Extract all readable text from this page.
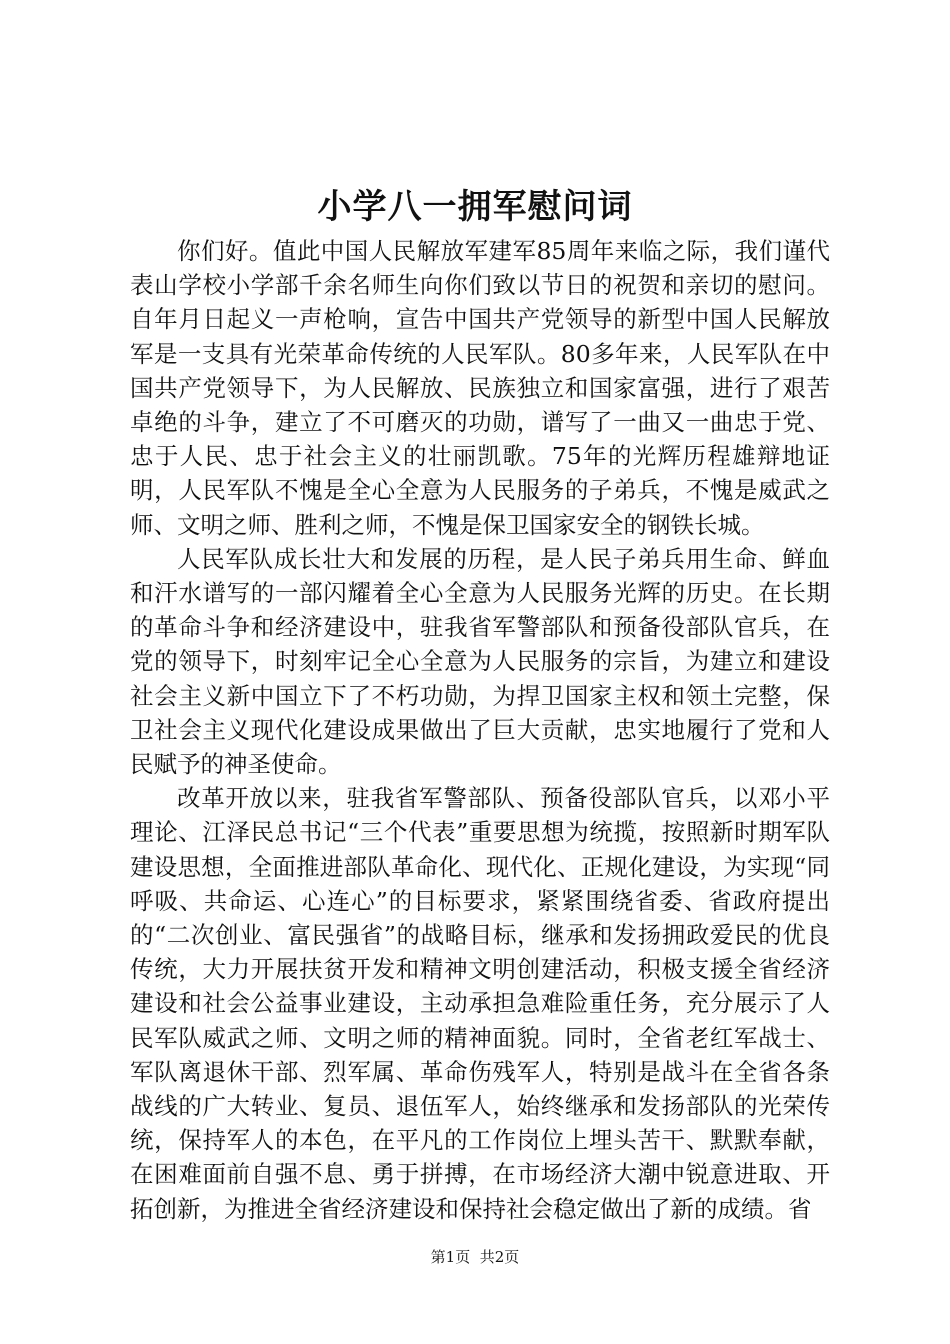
小学八一拥军慰问词

你们好。值此中国人民解放军建军85周年来临之际，我们谨代表山学校小学部千余名师生向你们致以节日的祝贺和亲切的慰问。自年月日起义一声枪响，宣告中国共产党领导的新型中国人民解放军是一支具有光荣革命传统的人民军队。80多年来，人民军队在中国共产党领导下，为人民解放、民族独立和国家富强，进行了艰苦卓绝的斗争，建立了不可磨灭的功勋，谱写了一曲又一曲忠于党、忠于人民、忠于社会主义的壮丽凯歌。75年的光辉历程雄辩地证明，人民军队不愧是全心全意为人民服务的子弟兵，不愧是威武之师、文明之师、胜利之师，不愧是保卫国家安全的钢铁长城。

人民军队成长壮大和发展的历程，是人民子弟兵用生命、鲜血和汗水谱写的一部闪耀着全心全意为人民服务光辉的历史。在长期的革命斗争和经济建设中，驻我省军警部队和预备役部队官兵，在党的领导下，时刻牢记全心全意为人民服务的宗旨，为建立和建设社会主义新中国立下了不朽功勋，为捍卫国家主权和领土完整，保卫社会主义现代化建设成果做出了巨大贡献，忠实地履行了党和人民赋予的神圣使命。

改革开放以来，驻我省军警部队、预备役部队官兵，以邓小平理论、江泽民总书记“三个代表”重要思想为统揽，按照新时期军队建设思想，全面推进部队革命化、现代化、正规化建设，为实现“同呼吸、共命运、心连心”的目标要求，紧紧围绕省委、省政府提出的“二次创业、富民强省”的战略目标，继承和发扬拥政爱民的优良传统，大力开展扶贫开发和精神文明创建活动，积极支援全省经济建设和社会公益事业建设，主动承担急难险重任务，充分展示了人民军队威武之师、文明之师的精神面貌。同时，全省老红军战士、军队离退休干部、烈军属、革命伤残军人，特别是战斗在全省各条战线的广大转业、复员、退伍军人，始终继承和发扬部队的光荣传统，保持军人的本色，在平凡的工作岗位上埋头苦干、默默奉献，在困难面前自强不息、勇于拼搏，在市场经济大潮中锐意进取、开拓创新，为推进全省经济建设和保持社会稳定做出了新的成绩。省

第1页 共2页
